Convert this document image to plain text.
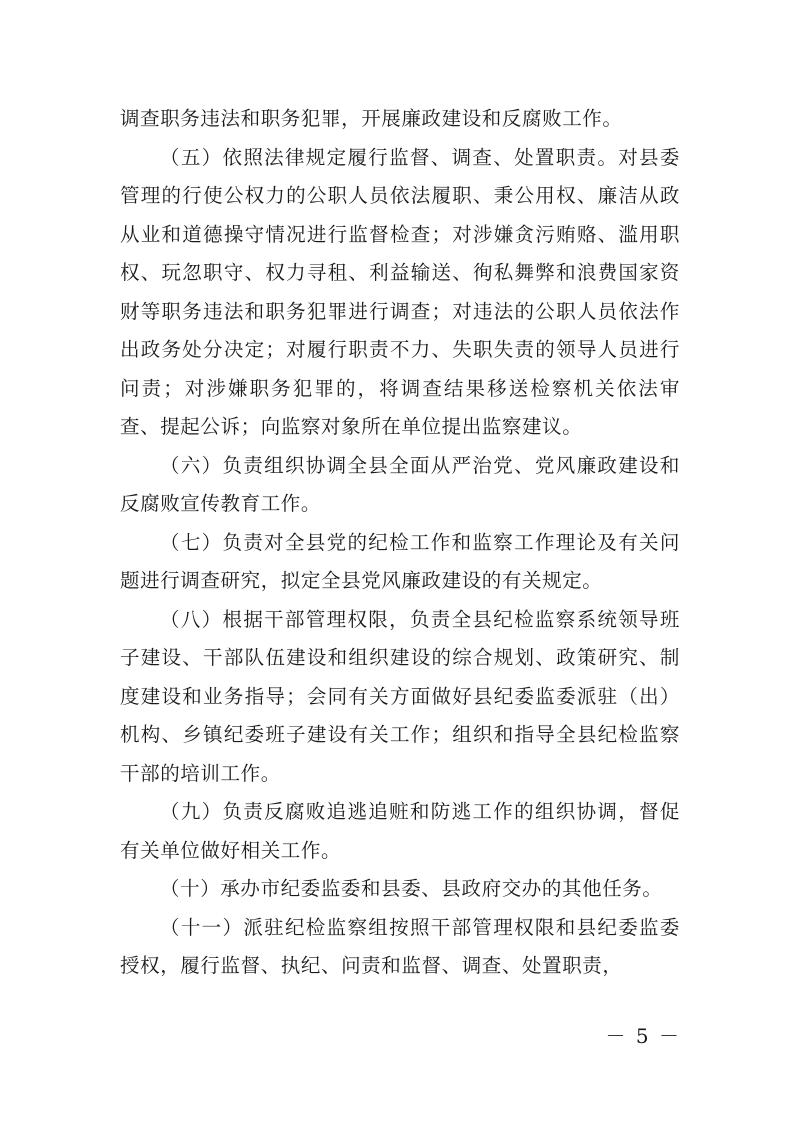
调查职务违法和职务犯罪，开展廉政建设和反腐败工作。

（五）依照法律规定履行监督、调查、处置职责。对县委管理的行使公权力的公职人员依法履职、秉公用权、廉洁从政从业和道德操守情况进行监督检查；对涉嫌贪污贿赂、滥用职权、玩忽职守、权力寻租、利益输送、徇私舞弊和浪费国家资财等职务违法和职务犯罪进行调查；对违法的公职人员依法作出政务处分决定；对履行职责不力、失职失责的领导人员进行问责；对涉嫌职务犯罪的，将调查结果移送检察机关依法审查、提起公诉；向监察对象所在单位提出监察建议。

（六）负责组织协调全县全面从严治党、党风廉政建设和反腐败宣传教育工作。

（七）负责对全县党的纪检工作和监察工作理论及有关问题进行调查研究，拟定全县党风廉政建设的有关规定。

（八）根据干部管理权限，负责全县纪检监察系统领导班子建设、干部队伍建设和组织建设的综合规划、政策研究、制度建设和业务指导；会同有关方面做好县纪委监委派驻（出）机构、乡镇纪委班子建设有关工作；组织和指导全县纪检监察干部的培训工作。

（九）负责反腐败追逃追赃和防逃工作的组织协调，督促有关单位做好相关工作。

（十）承办市纪委监委和县委、县政府交办的其他任务。

（十一）派驻纪检监察组按照干部管理权限和县纪委监委授权，履行监督、执纪、问责和监督、调查、处置职责，

－ 5 －
